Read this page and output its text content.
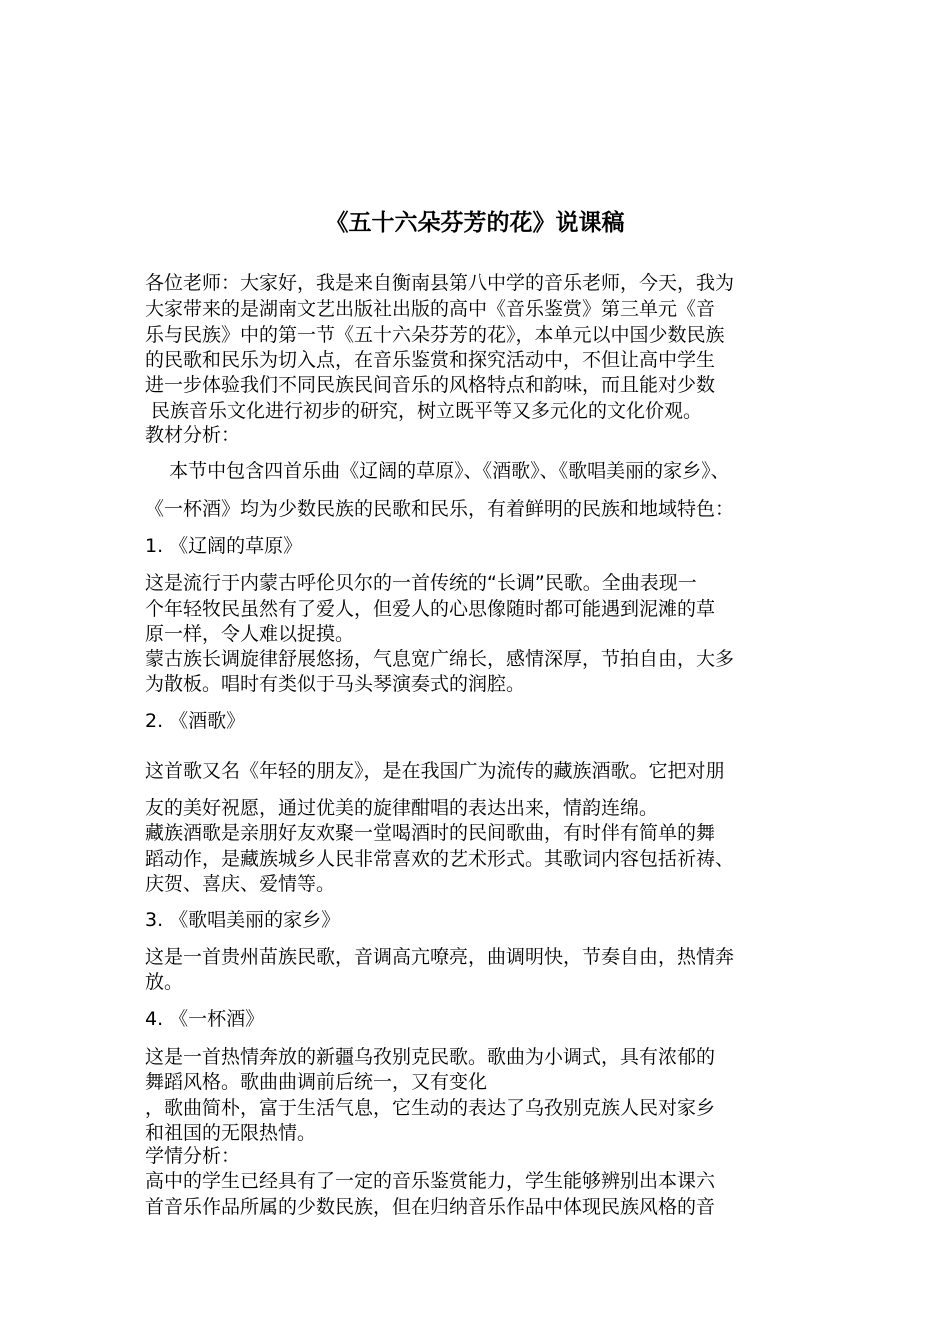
《五十六朵芬芳的花》说课稿
各位老师：大家好，我是来自衡南县第八中学的音乐老师，今天，我为
大家带来的是湖南文艺出版社出版的高中《音乐鉴赏》第三单元《音
乐与民族》中的第一节《五十六朵芬芳的花》，本单元以中国少数民族
的民歌和民乐为切入点，在音乐鉴赏和探究活动中，不但让高中学生
进一步体验我们不同民族民间音乐的风格特点和韵味，而且能对少数
民族音乐文化进行初步的研究，树立既平等又多元化的文化价观。
教材分析：
本节中包含四首乐曲《辽阔的草原》、《酒歌》、《歌唱美丽的家乡》、
《一杯酒》均为少数民族的民歌和民乐，有着鲜明的民族和地域特色：
1. 《辽阔的草原》
这是流行于内蒙古呼伦贝尔的一首传统的“长调”民歌。全曲表现一
个年轻牧民虽然有了爱人，但爱人的心思像随时都可能遇到泥滩的草
原一样，令人难以捉摸。
蒙古族长调旋律舒展悠扬，气息宽广绵长，感情深厚，节拍自由，大多
为散板。唱时有类似于马头琴演奏式的润腔。
2. 《酒歌》
这首歌又名《年轻的朋友》，是在我国广为流传的藏族酒歌。它把对朋
友的美好祝愿，通过优美的旋律酣唱的表达出来，情韵连绵。
藏族酒歌是亲朋好友欢聚一堂喝酒时的民间歌曲，有时伴有简单的舞
蹈动作，是藏族城乡人民非常喜欢的艺术形式。其歌词内容包括祈祷、
庆贺、喜庆、爱情等。
3. 《歌唱美丽的家乡》
这是一首贵州苗族民歌，音调高亢嘹亮，曲调明快，节奏自由，热情奔
放。
4. 《一杯酒》
这是一首热情奔放的新疆乌孜别克民歌。歌曲为小调式，具有浓郁的
舞蹈风格。歌曲曲调前后统一，又有变化
，歌曲简朴，富于生活气息，它生动的表达了乌孜别克族人民对家乡
和祖国的无限热情。
学情分析：
高中的学生已经具有了一定的音乐鉴赏能力，学生能够辨别出本课六
首音乐作品所属的少数民族，但在归纳音乐作品中体现民族风格的音
